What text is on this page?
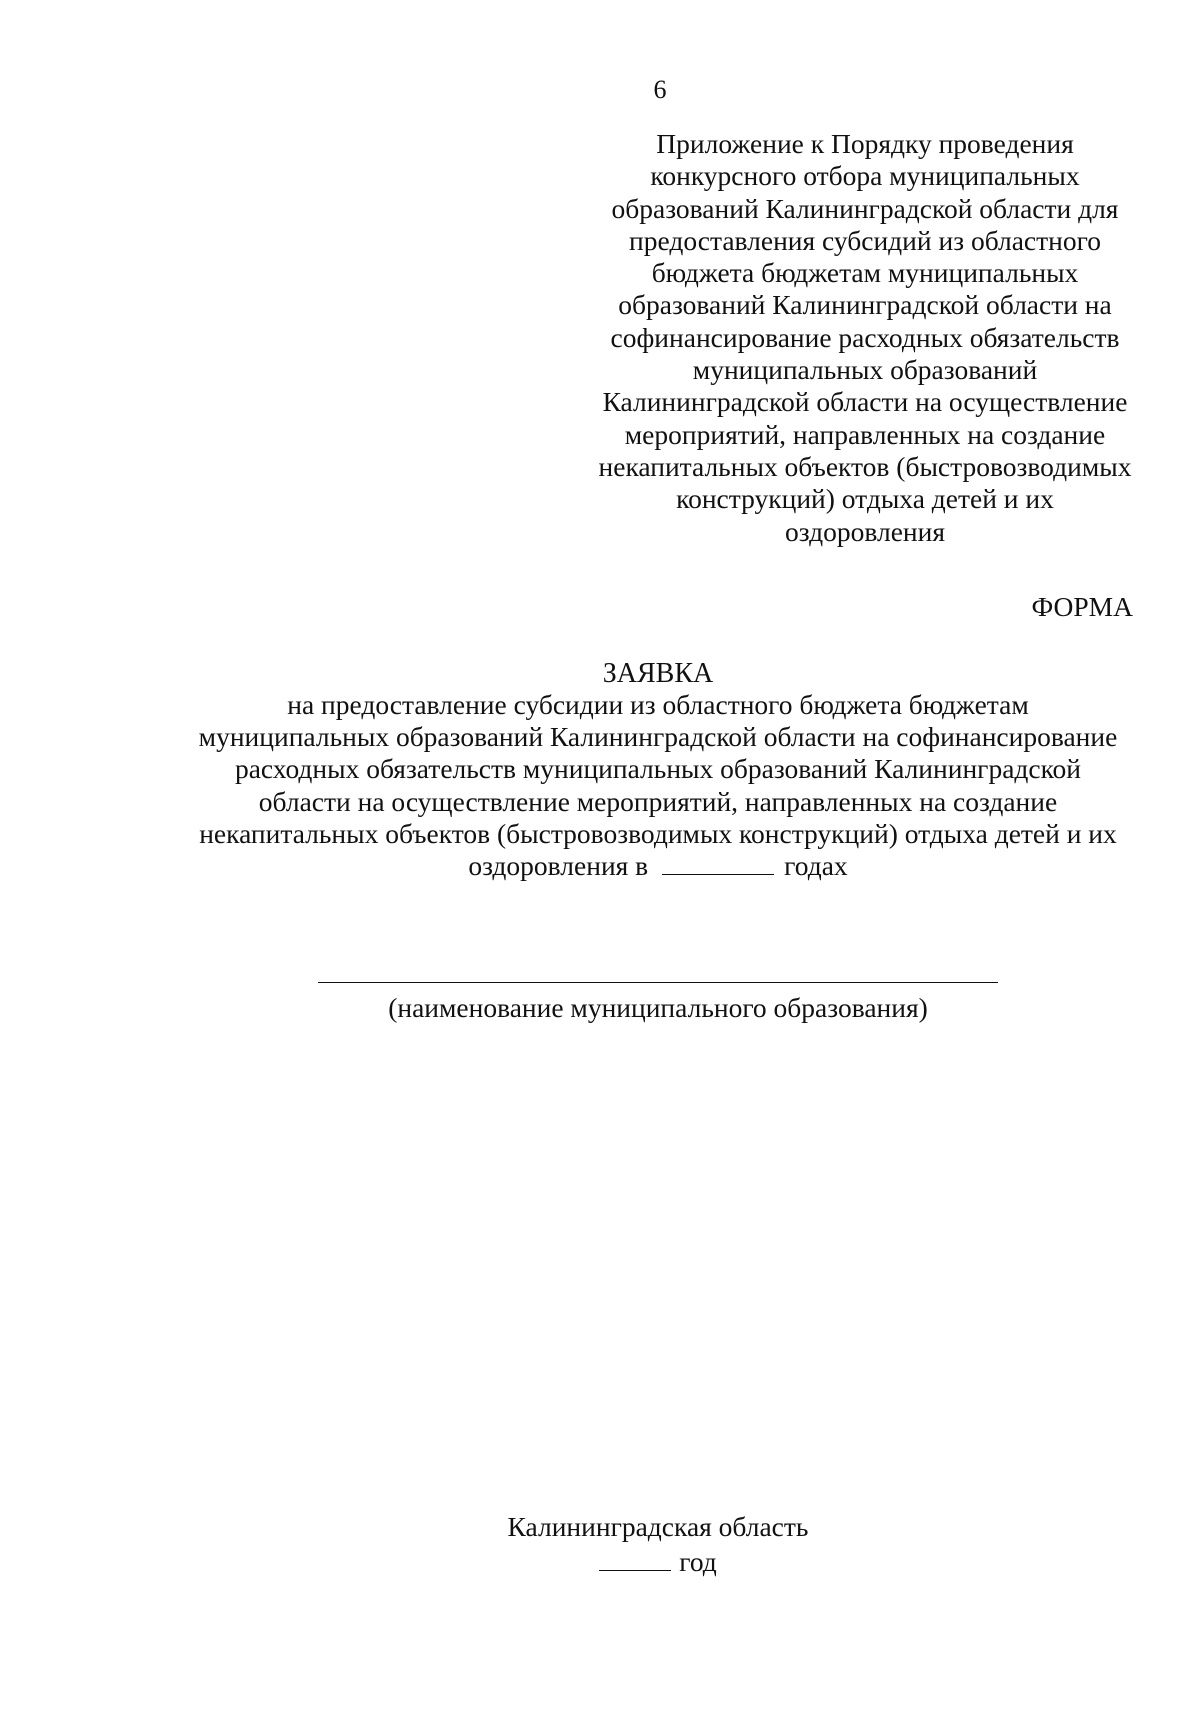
6
Приложение к Порядку проведения
конкурсного отбора муниципальных
образований Калининградской области для
предоставления субсидий из областного
бюджета бюджетам муниципальных
образований Калининградской области на
софинансирование расходных обязательств
муниципальных образований
Калининградской области на осуществление
мероприятий, направленных на создание
некапитальных объектов (быстровозводимых
конструкций) отдыха детей и их
оздоровления
ФОРМА
ЗАЯВКА
на предоставление субсидии из областного бюджета бюджетам
муниципальных образований Калининградской области на софинансирование
расходных обязательств муниципальных образований Калининградской
области на осуществление мероприятий, направленных на создание
некапитальных объектов (быстровозводимых конструкций) отдыха детей и их
оздоровления в	годах
(наименование муниципального образования)
Калининградская область
год
